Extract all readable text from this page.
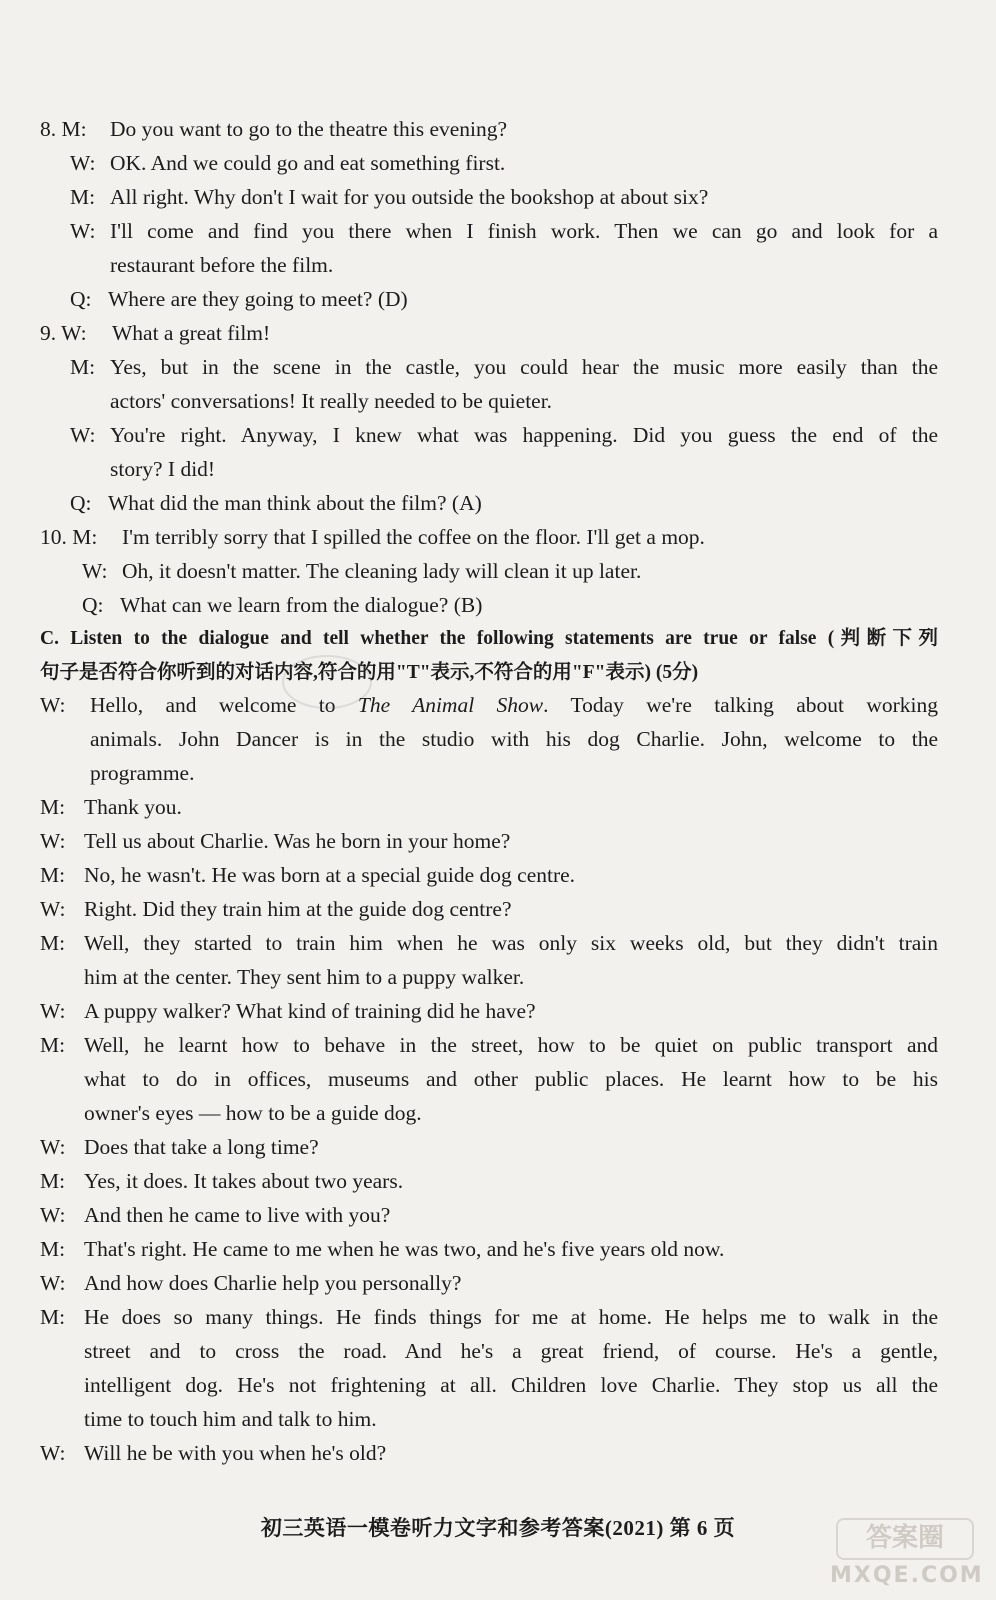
8. M: Do you want to go to the theatre this evening?
W: OK. And we could go and eat something first.
M: All right. Why don't I wait for you outside the bookshop at about six?
W: I'll come and find you there when I finish work. Then we can go and look for a
restaurant before the film.
Q: Where are they going to meet? (D)
9. W: What a great film!
M: Yes, but in the scene in the castle, you could hear the music more easily than the
actors' conversations! It really needed to be quieter.
W: You're right. Anyway, I knew what was happening. Did you guess the end of the
story? I did!
Q: What did the man think about the film? (A)
10. M: I'm terribly sorry that I spilled the coffee on the floor. I'll get a mop.
W: Oh, it doesn't matter. The cleaning lady will clean it up later.
Q: What can we learn from the dialogue? (B)
C. Listen to the dialogue and tell whether the following statements are true or false (判断下列
句子是否符合你听到的对话内容,符合的用"T"表示,不符合的用"F"表示) (5分)
W: Hello, and welcome to The Animal Show. Today we're talking about working
animals. John Dancer is in the studio with his dog Charlie. John, welcome to the
programme.
M: Thank you.
W: Tell us about Charlie. Was he born in your home?
M: No, he wasn't. He was born at a special guide dog centre.
W: Right. Did they train him at the guide dog centre?
M: Well, they started to train him when he was only six weeks old, but they didn't train
him at the center. They sent him to a puppy walker.
W: A puppy walker? What kind of training did he have?
M: Well, he learnt how to behave in the street, how to be quiet on public transport and
what to do in offices, museums and other public places. He learnt how to be his
owner's eyes — how to be a guide dog.
W: Does that take a long time?
M: Yes, it does. It takes about two years.
W: And then he came to live with you?
M: That's right. He came to me when he was two, and he's five years old now.
W: And how does Charlie help you personally?
M: He does so many things. He finds things for me at home. He helps me to walk in the
street and to cross the road. And he's a great friend, of course. He's a gentle,
intelligent dog. He's not frightening at all. Children love Charlie. They stop us all the
time to touch him and talk to him.
W: Will he be with you when he's old?
初三英语一模卷听力文字和参考答案(2021) 第 6 页	答案圈
MXQE.COM
